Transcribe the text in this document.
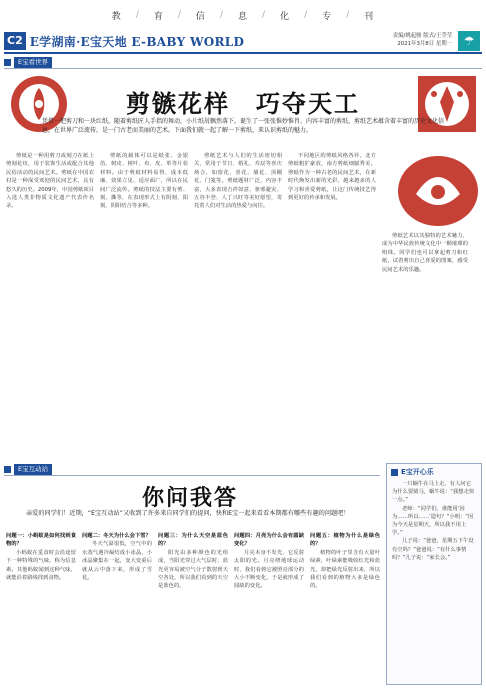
教 / 育 / 信 / 息 / 化 / 专 / 刊
C2 E学湖南·E宝天地 E-BABY WORLD	责编/姚起骏 版式/王莹莹
2021年3月8日 星期一 ☂
E宝看世界
剪镞花样　巧夺天工
凭借一把剪刀和一块红纸，随着剪纸匠人手指的舞动，小片纸屑飘然落下，诞生了一张张惟妙惟肖、内容丰富的剪纸。剪纸艺术蕴含着丰富的历史文化信息，在世界广泛流传，是一门古老而美丽的艺术。下面我们就一起了解一下剪纸，来认识剪纸的魅力。

剪纸是一种用剪刀或刻刀在纸上剪刻花纹，用于装饰生活或配合其他民俗活动的民间艺术。剪纸在中国农村是一种深受欢迎的民间艺术，具有悠久的历史。2009年，中国剪纸项目入选人类非物质文化遗产代表作名录。

剪纸的载体可以是纸张、金银箔、树皮、树叶、布、皮、革等片状材料。由于剪纸材料易得、成本低廉、效果立见、适应面广，所以在民间广泛流传。剪纸的技法主要有剪、刻、撕等，在表现形式上有阴刻、阳刻、阴阳结合等多种。

剪纸艺术与人们的生活密切相关，常用于节日、婚礼、寿辰等喜庆场合，如窗花、喜花、墙花、顶棚花、门笺等。剪纸题材广泛，内容丰富，大多表现吉祥如意、驱邪避灾、五谷丰登、人丁兴旺等美好愿望，寄托着人们对生活的热爱与向往。

不同地区的剪纸风格各异，北方剪纸粗犷豪放，南方剪纸细腻秀美。剪纸作为一种古老的民间艺术，在新时代焕发出新的光彩，越来越多的人学习和喜爱剪纸，让这门传统技艺得到更好的传承和发展。

剪纸艺术以其独特的艺术魅力，成为中华民族传统文化中一颗璀璨的明珠。同学们也可以拿起剪刀和红纸，试着剪出自己喜爱的图案，感受民间艺术的乐趣。

E宝互动站
你问我答
亲爱的同学们！近期，“E宝互动站”又收到了许多来自同学们的提问，快和E宝一起来看看本期都有哪些有趣的问题吧！

问题一：小蚂蚁是如何找到食物的？

小蚂蚁在觅食时会沿途留下一种特殊的气味，称为信息素。其他蚂蚁闻到这种气味，就能沿着路线找到食物。

问题二：冬天为什么会下雪？

冬天气温很低，空气中的水蒸气遇冷凝结成小冰晶，小冰晶聚集在一起，变大变重后就从云中落下来，形成了雪花。

问题三：为什么天空是蓝色的？

阳光由多种颜色的光组成，当阳光穿过大气层时，蓝光更容易被空气分子散射到天空各处，所以我们看到的天空是蓝色的。

问题四：月亮为什么会有圆缺变化？

月亮本身不发光，它反射太阳的光。月亮绕地球运动时，我们看到它被照亮部分的大小不断变化，于是就形成了圆缺的变化。

问题五：植物为什么是绿色的？

植物的叶子里含有大量叶绿素，叶绿素能吸收红光和蓝光，却把绿光反射出来，所以我们看到的植物大多是绿色的。

E宝开心乐

一只蜗牛在马上走，有人问它为什么要骑马，蜗牛说：“我想走快一点。”

老师：“同学们，谁能用‘因为……所以……’造句？”小明：“因为今天是星期天，所以我不用上学。”

儿子说：“爸爸，星期五下午没有空吗？”爸爸说：“有什么事情吗？”儿子说：“家长会。”
